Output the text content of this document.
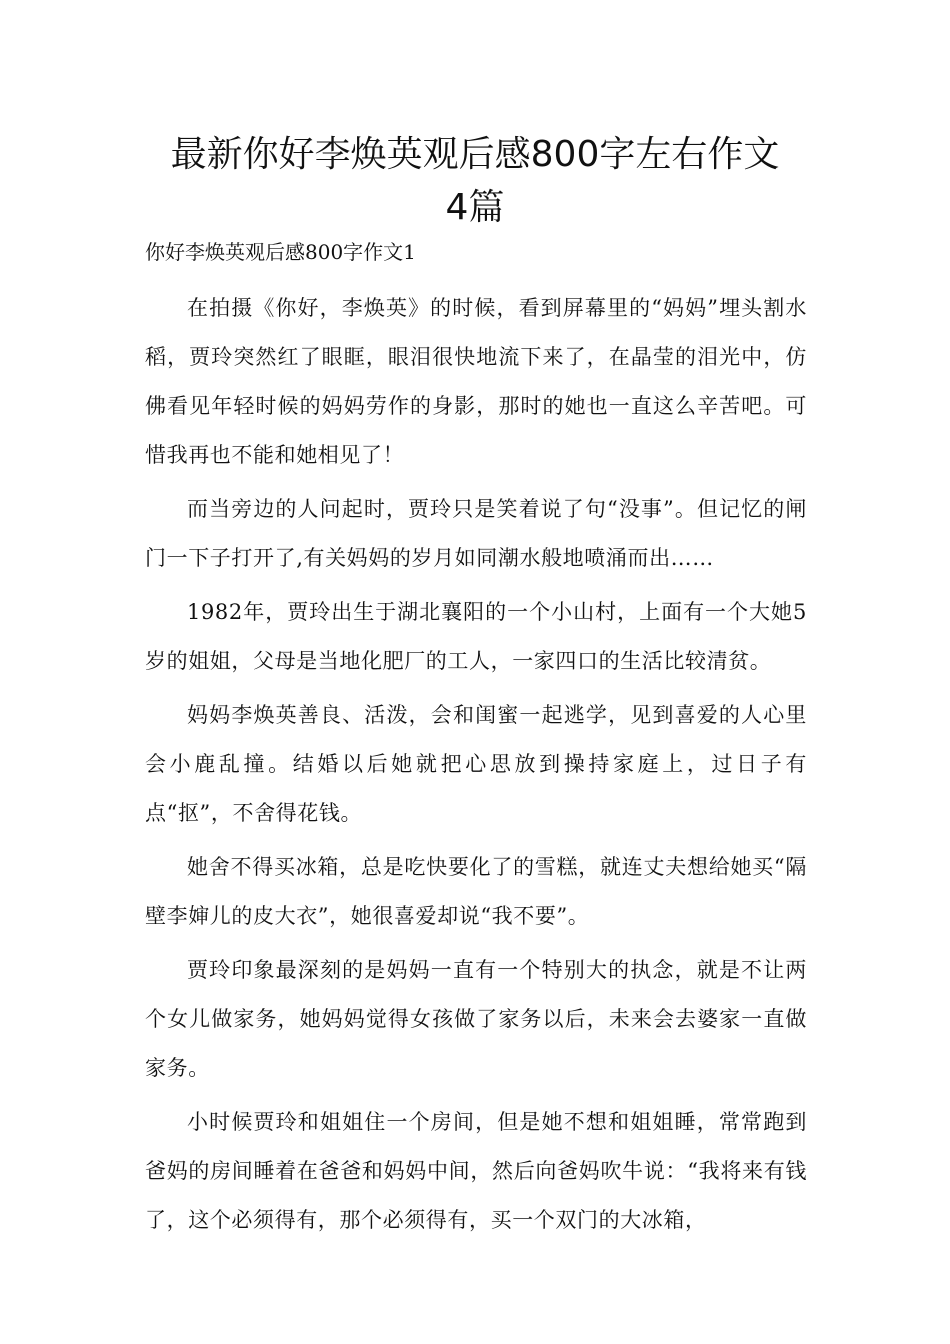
最新你好李焕英观后感800字左右作文
4篇

你好李焕英观后感800字作文1

在拍摄《你好，李焕英》的时候，看到屏幕里的“妈妈”埋头割水稻，贾玲突然红了眼眶，眼泪很快地流下来了，在晶莹的泪光中，仿佛看见年轻时候的妈妈劳作的身影，那时的她也一直这么辛苦吧。可惜我再也不能和她相见了！

而当旁边的人问起时，贾玲只是笑着说了句“没事”。但记忆的闸门一下子打开了,有关妈妈的岁月如同潮水般地喷涌而出……

1982年，贾玲出生于湖北襄阳的一个小山村，上面有一个大她5岁的姐姐，父母是当地化肥厂的工人，一家四口的生活比较清贫。

妈妈李焕英善良、活泼，会和闺蜜一起逃学，见到喜爱的人心里会小鹿乱撞。结婚以后她就把心思放到操持家庭上，过日子有点“抠”，不舍得花钱。

她舍不得买冰箱，总是吃快要化了的雪糕，就连丈夫想给她买“隔壁李婶儿的皮大衣”，她很喜爱却说“我不要”。

贾玲印象最深刻的是妈妈一直有一个特别大的执念，就是不让两个女儿做家务，她妈妈觉得女孩做了家务以后，未来会去婆家一直做家务。

小时候贾玲和姐姐住一个房间，但是她不想和姐姐睡，常常跑到爸妈的房间睡着在爸爸和妈妈中间，然后向爸妈吹牛说：“我将来有钱了，这个必须得有，那个必须得有，买一个双门的大冰箱，
